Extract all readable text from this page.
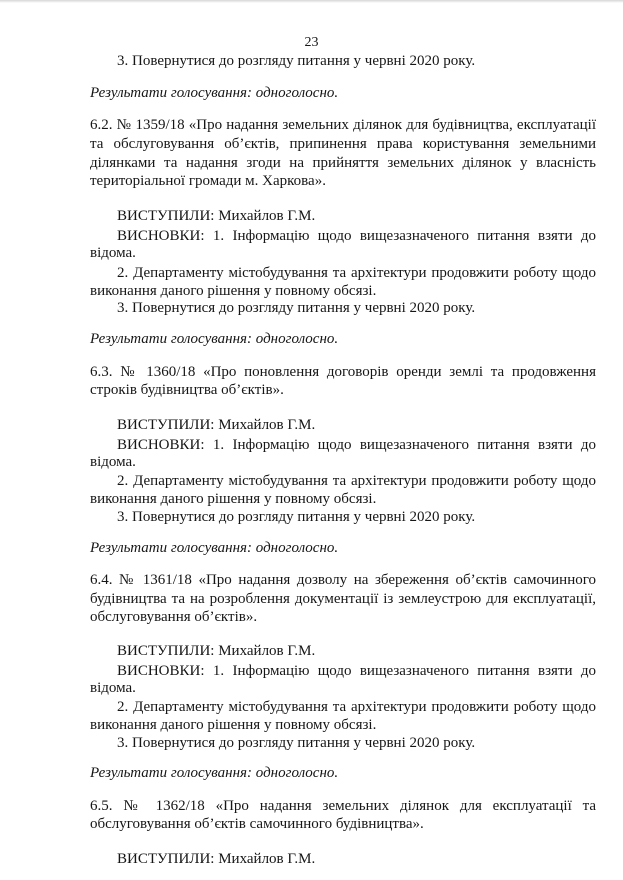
23
3. Повернутися до розгляду питання у червні 2020 року.
Результати голосування: одноголосно.
6.2. № 1359/18 «Про надання земельних ділянок для будівництва, експлуатації
та обслуговування об’єктів, припинення права користування земельними
ділянками та надання згоди на прийняття земельних ділянок у власність
територіальної громади м. Харкова».
ВИСТУПИЛИ: Михайлов Г.М.
ВИСНОВКИ: 1. Інформацію щодо вищезазначеного питання взяти до
відома.
2. Департаменту містобудування та архітектури продовжити роботу щодо
виконання даного рішення у повному обсязі.
3. Повернутися до розгляду питання у червні 2020 року.
Результати голосування: одноголосно.
6.3. № 1360/18 «Про поновлення договорів оренди землі та продовження
строків будівництва об’єктів».
ВИСТУПИЛИ: Михайлов Г.М.
ВИСНОВКИ: 1. Інформацію щодо вищезазначеного питання взяти до
відома.
2. Департаменту містобудування та архітектури продовжити роботу щодо
виконання даного рішення у повному обсязі.
3. Повернутися до розгляду питання у червні 2020 року.
Результати голосування: одноголосно.
6.4. № 1361/18 «Про надання дозволу на збереження об’єктів самочинного
будівництва та на розроблення документації із землеустрою для експлуатації,
обслуговування об’єктів».
ВИСТУПИЛИ: Михайлов Г.М.
ВИСНОВКИ: 1. Інформацію щодо вищезазначеного питання взяти до
відома.
2. Департаменту містобудування та архітектури продовжити роботу щодо
виконання даного рішення у повному обсязі.
3. Повернутися до розгляду питання у червні 2020 року.
Результати голосування: одноголосно.
6.5. № 1362/18 «Про надання земельних ділянок для експлуатації та
обслуговування об’єктів самочинного будівництва».
ВИСТУПИЛИ: Михайлов Г.М.
